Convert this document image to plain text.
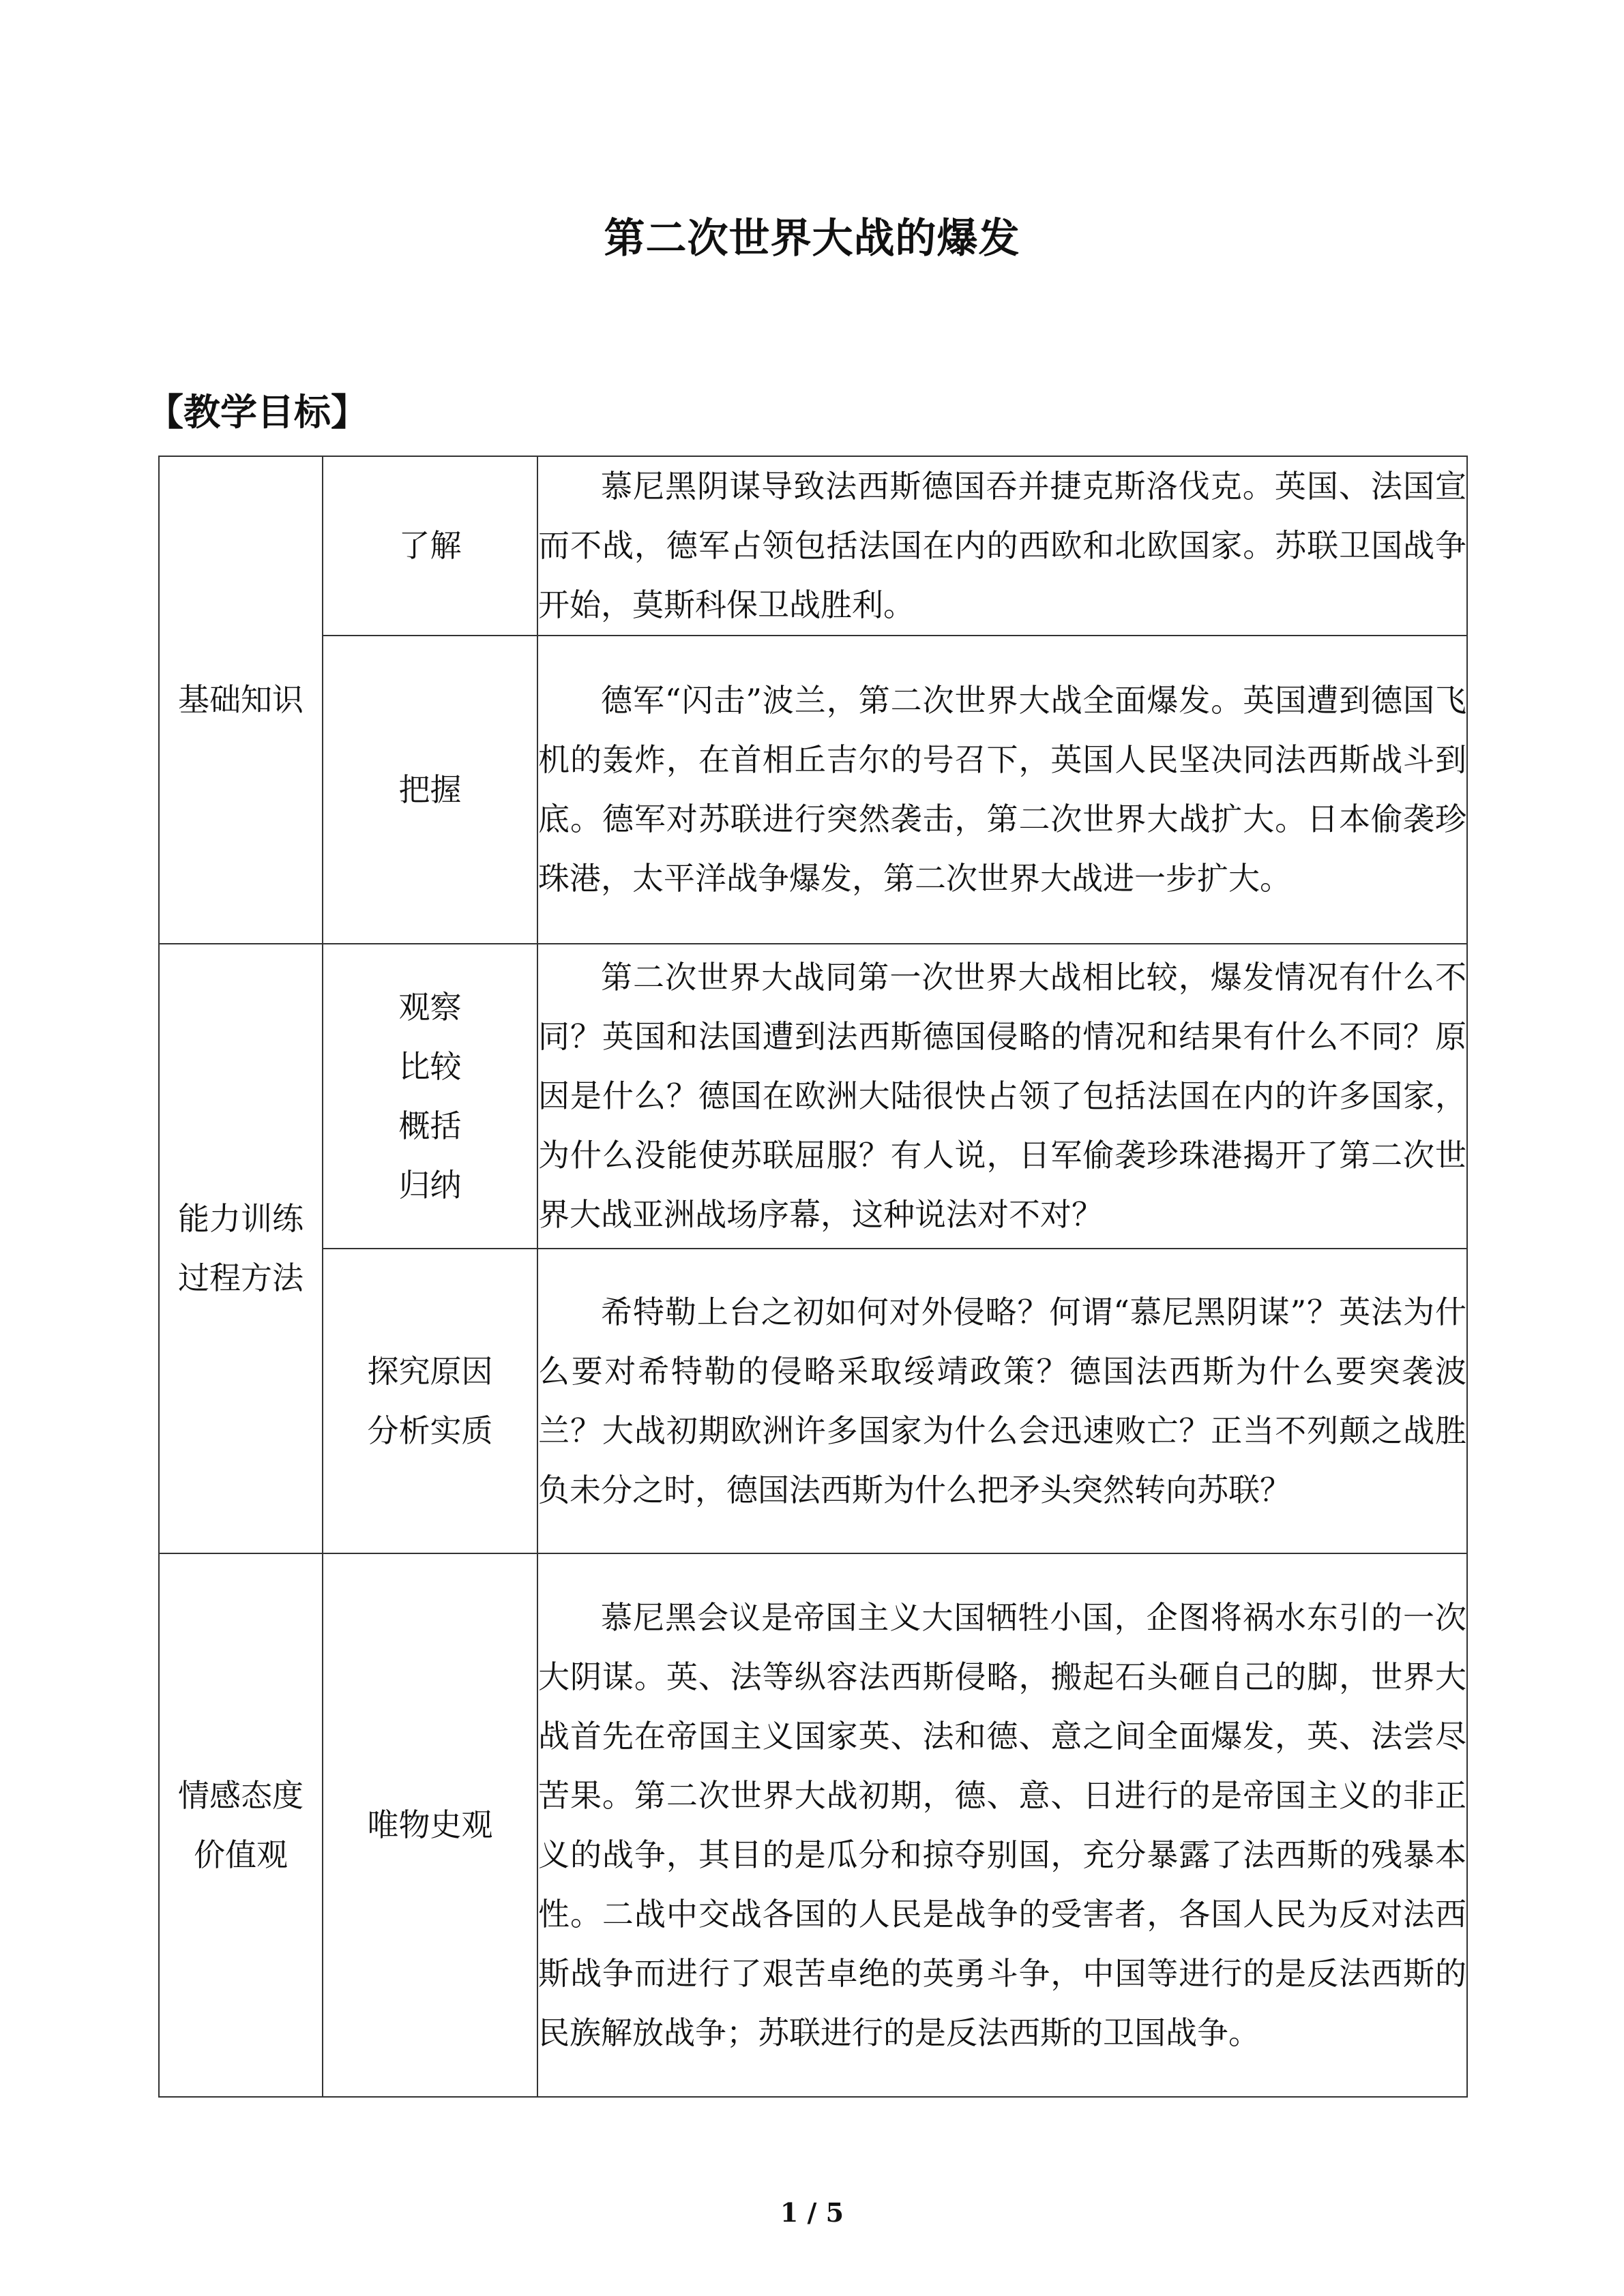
第二次世界大战的爆发
【教学目标】
基础知识	了解	慕尼黑阴谋导致法西斯德国吞并捷克斯洛伐克。英国、法国宣而不战，德军占领包括法国在内的西欧和北欧国家。苏联卫国战争开始，莫斯科保卫战胜利。

	把握	德军“闪击”波兰，第二次世界大战全面爆发。英国遭到德国飞机的轰炸，在首相丘吉尔的号召下，英国人民坚决同法西斯战斗到底。德军对苏联进行突然袭击，第二次世界大战扩大。日本偷袭珍珠港，太平洋战争爆发，第二次世界大战进一步扩大。

能力训练
过程方法	观察
比较
概括
归纳	第二次世界大战同第一次世界大战相比较，爆发情况有什么不同？英国和法国遭到法西斯德国侵略的情况和结果有什么不同？原因是什么？德国在欧洲大陆很快占领了包括法国在内的许多国家，为什么没能使苏联屈服？有人说，日军偷袭珍珠港揭开了第二次世界大战亚洲战场序幕，这种说法对不对？

	探究原因
分析实质	希特勒上台之初如何对外侵略？何谓“慕尼黑阴谋”？英法为什么要对希特勒的侵略采取绥靖政策？德国法西斯为什么要突袭波兰？大战初期欧洲许多国家为什么会迅速败亡？正当不列颠之战胜负未分之时，德国法西斯为什么把矛头突然转向苏联？

情感态度
价值观	唯物史观	慕尼黑会议是帝国主义大国牺牲小国，企图将祸水东引的一次大阴谋。英、法等纵容法西斯侵略，搬起石头砸自己的脚，世界大战首先在帝国主义国家英、法和德、意之间全面爆发，英、法尝尽苦果。第二次世界大战初期，德、意、日进行的是帝国主义的非正义的战争，其目的是瓜分和掠夺别国，充分暴露了法西斯的残暴本性。二战中交战各国的人民是战争的受害者，各国人民为反对法西斯战争而进行了艰苦卓绝的英勇斗争，中国等进行的是反法西斯的民族解放战争；苏联进行的是反法西斯的卫国战争。
1 / 5
